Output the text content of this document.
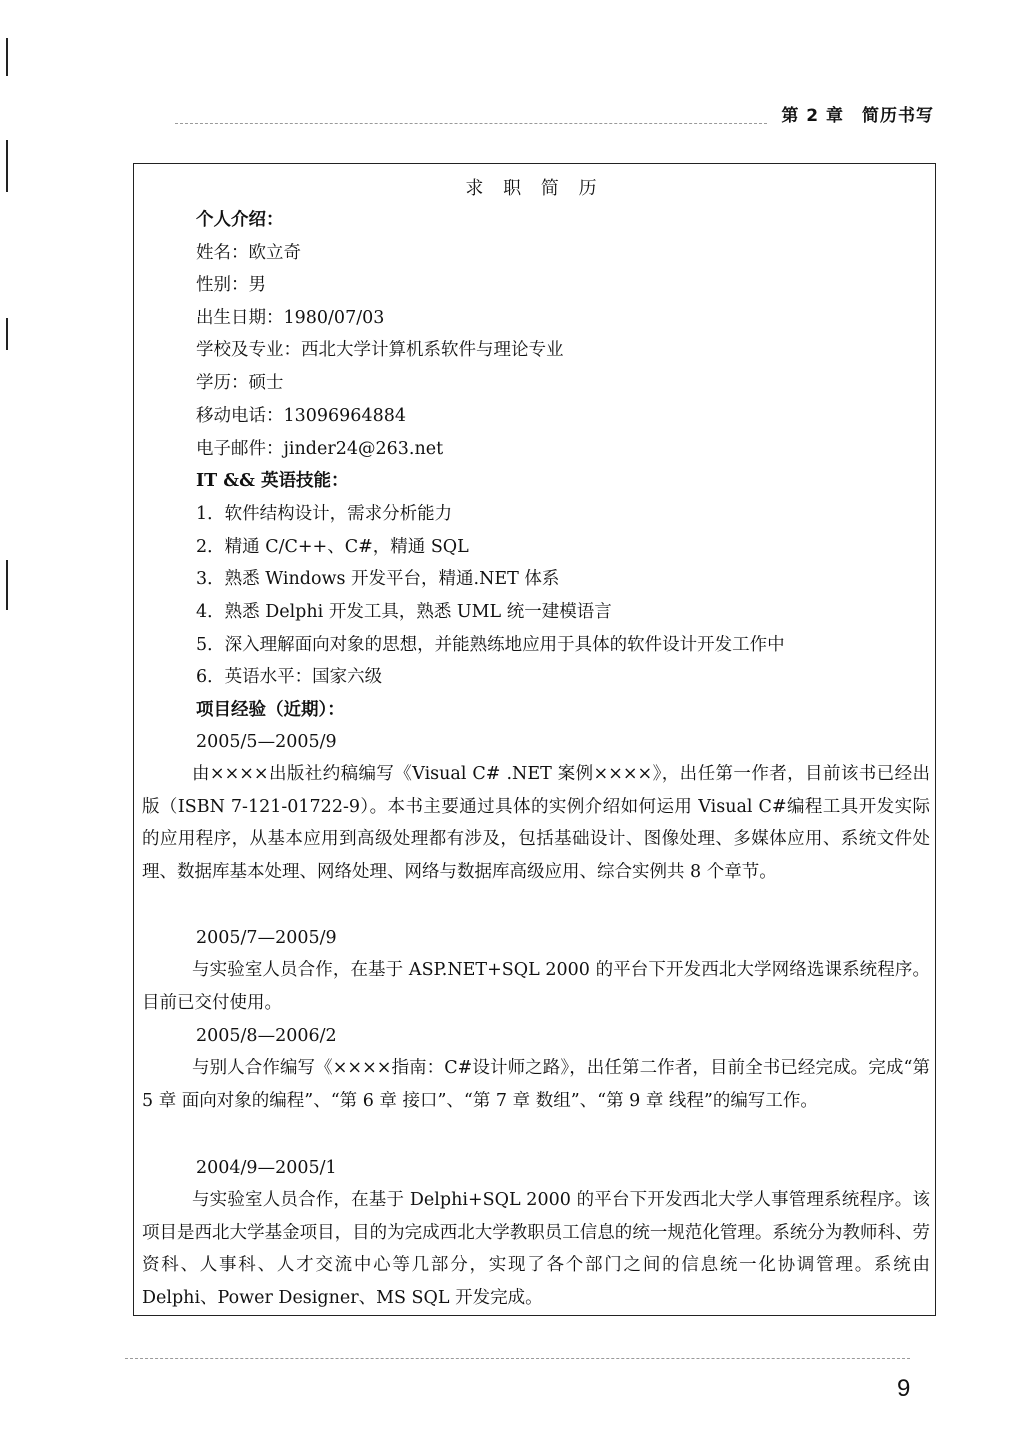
第 2 章　简历书写
求 职 简 历
个人介绍：
姓名：欧立奇
性别：男
出生日期：1980/07/03
学校及专业：西北大学计算机系软件与理论专业
学历：硕士
移动电话：13096964884
电子邮件：jinder24@263.net
IT && 英语技能：
1．软件结构设计，需求分析能力
2．精通 C/C++、C#，精通 SQL
3．熟悉 Windows 开发平台，精通.NET 体系
4．熟悉 Delphi 开发工具，熟悉 UML 统一建模语言
5．深入理解面向对象的思想，并能熟练地应用于具体的软件设计开发工作中
6．英语水平：国家六级
项目经验（近期）：
2005/5—2005/9
由××××出版社约稿编写《Visual C# .NET 案例××××》，出任第一作者，目前该书已经出版（ISBN 7-121-01722-9）。本书主要通过具体的实例介绍如何运用 Visual C#编程工具开发实际的应用程序，从基本应用到高级处理都有涉及，包括基础设计、图像处理、多媒体应用、系统文件处理、数据库基本处理、网络处理、网络与数据库高级应用、综合实例共 8 个章节。
2005/7—2005/9
与实验室人员合作，在基于 ASP.NET+SQL 2000 的平台下开发西北大学网络选课系统程序。目前已交付使用。
2005/8—2006/2
与别人合作编写《××××指南：C#设计师之路》，出任第二作者，目前全书已经完成。完成“第 5 章 面向对象的编程”、“第 6 章 接口”、“第 7 章 数组”、“第 9 章 线程”的编写工作。
2004/9—2005/1
与实验室人员合作，在基于 Delphi+SQL 2000 的平台下开发西北大学人事管理系统程序。该项目是西北大学基金项目，目的为完成西北大学教职员工信息的统一规范化管理。系统分为教师科、劳资科、人事科、人才交流中心等几部分，实现了各个部门之间的信息统一化协调管理。系统由 Delphi、Power Designer、MS SQL 开发完成。
9
